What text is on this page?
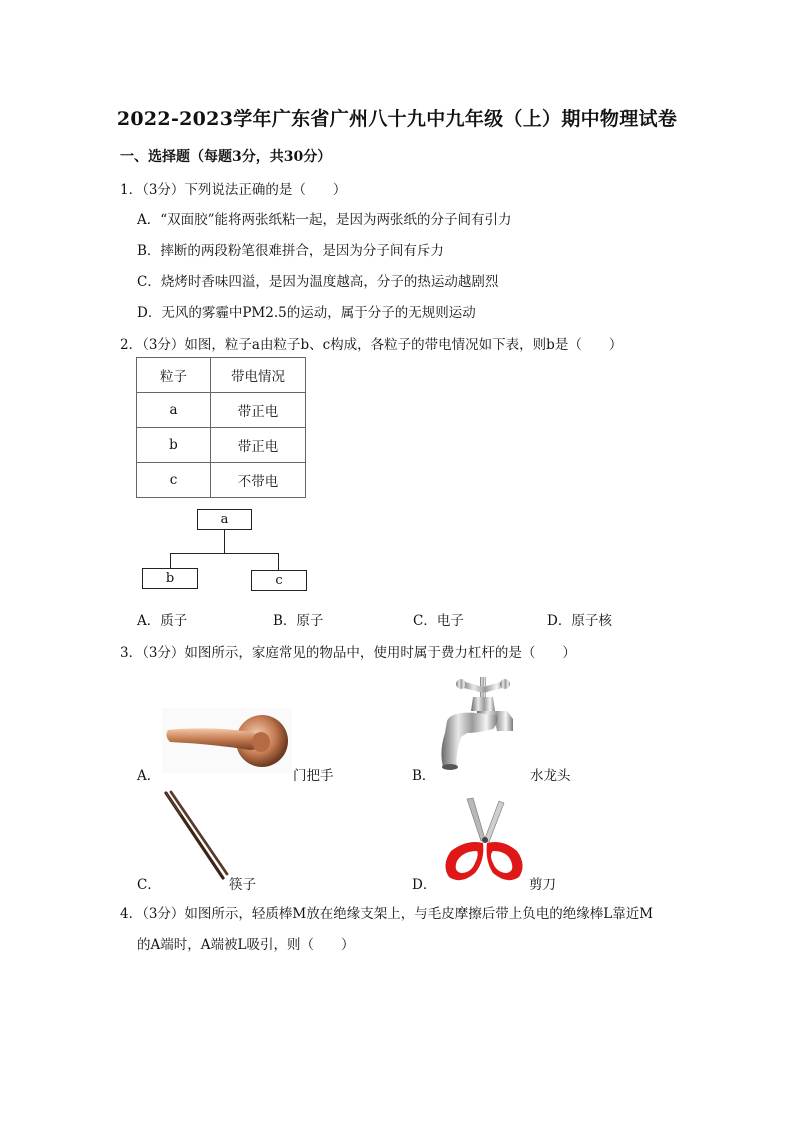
2022-2023学年广东省广州八十九中九年级（上）期中物理试卷
一、选择题（每题3分，共30分）
1．（3分）下列说法正确的是（　　）
A．“双面胶”能将两张纸粘一起，是因为两张纸的分子间有引力
B．摔断的两段粉笔很难拼合，是因为分子间有斥力
C．烧烤时香味四溢，是因为温度越高，分子的热运动越剧烈
D．无风的雾霾中PM2.5的运动，属于分子的无规则运动
2．（3分）如图，粒子a由粒子b、c构成，各粒子的带电情况如下表，则b是（　　）
粒子	带电情况
a	带正电
b	带正电
c	不带电
a
b	c
A．质子	B．原子	C．电子	D．原子核
3．（3分）如图所示，家庭常见的物品中，使用时属于费力杠杆的是（　　）
A．	门把手	B．	水龙头
C．	筷子	D．	剪刀
4．（3分）如图所示，轻质棒M放在绝缘支架上，与毛皮摩擦后带上负电的绝缘棒L靠近M
的A端时，A端被L吸引，则（　　）
